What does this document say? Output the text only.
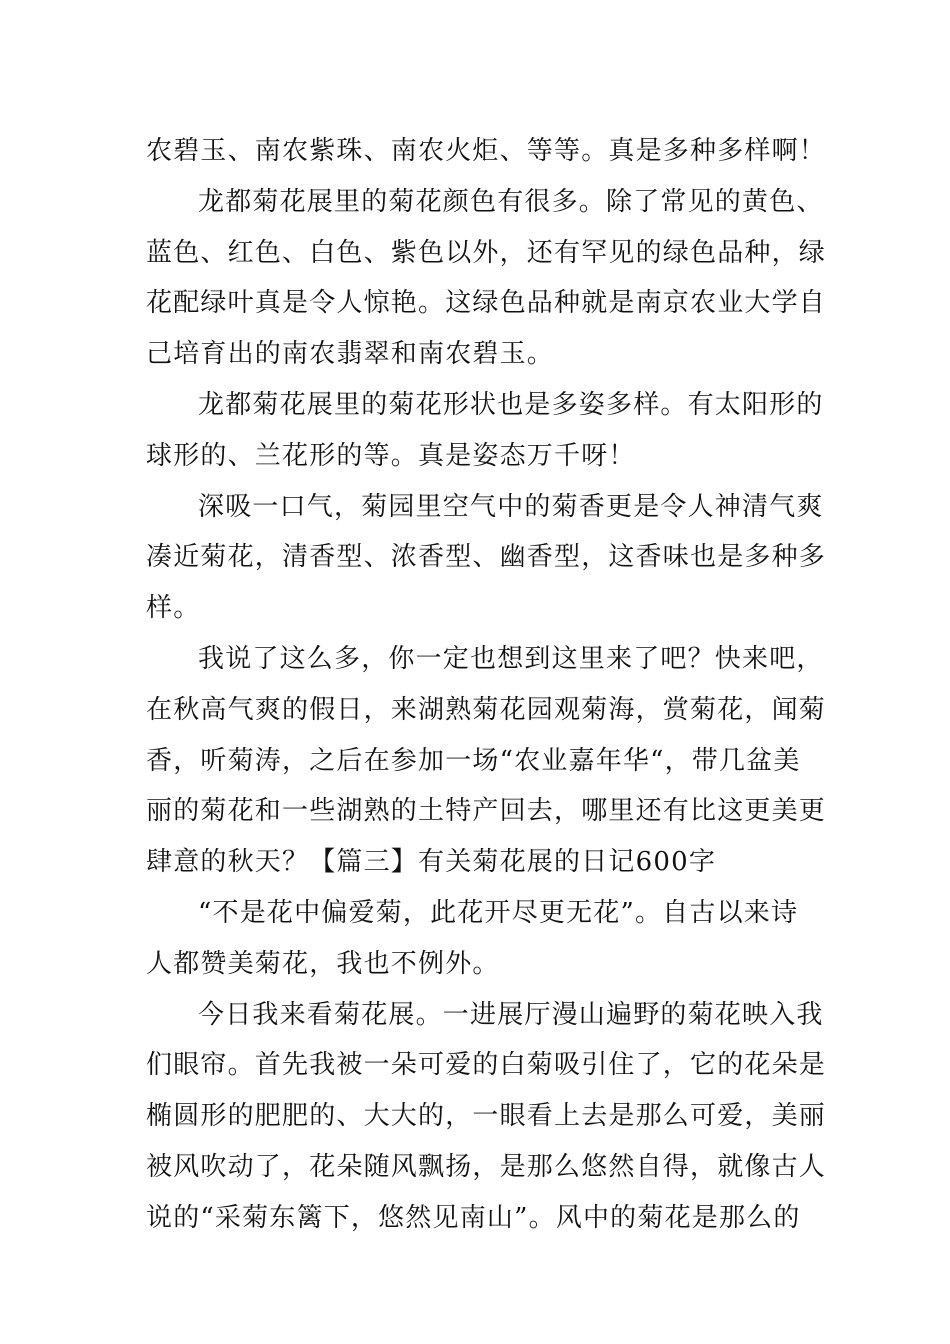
农碧玉、南农紫珠、南农火炬、等等。真是多种多样啊！
龙都菊花展里的菊花颜色有很多。除了常见的黄色、
蓝色、红色、白色、紫色以外，还有罕见的绿色品种，绿
花配绿叶真是令人惊艳。这绿色品种就是南京农业大学自
己培育出的南农翡翠和南农碧玉。
龙都菊花展里的菊花形状也是多姿多样。有太阳形的
球形的、兰花形的等。真是姿态万千呀！
深吸一口气，菊园里空气中的菊香更是令人神清气爽
凑近菊花，清香型、浓香型、幽香型，这香味也是多种多
样。
我说了这么多，你一定也想到这里来了吧？快来吧，
在秋高气爽的假日，来湖熟菊花园观菊海，赏菊花，闻菊
香，听菊涛，之后在参加一场“农业嘉年华“，带几盆美
丽的菊花和一些湖熟的土特产回去，哪里还有比这更美更
肆意的秋天？【篇三】有关菊花展的日记600字
“不是花中偏爱菊，此花开尽更无花”。自古以来诗
人都赞美菊花，我也不例外。
今日我来看菊花展。一进展厅漫山遍野的菊花映入我
们眼帘。首先我被一朵可爱的白菊吸引住了，它的花朵是
椭圆形的肥肥的、大大的，一眼看上去是那么可爱，美丽
被风吹动了，花朵随风飘扬，是那么悠然自得，就像古人
说的“采菊东篱下，悠然见南山”。风中的菊花是那么的
